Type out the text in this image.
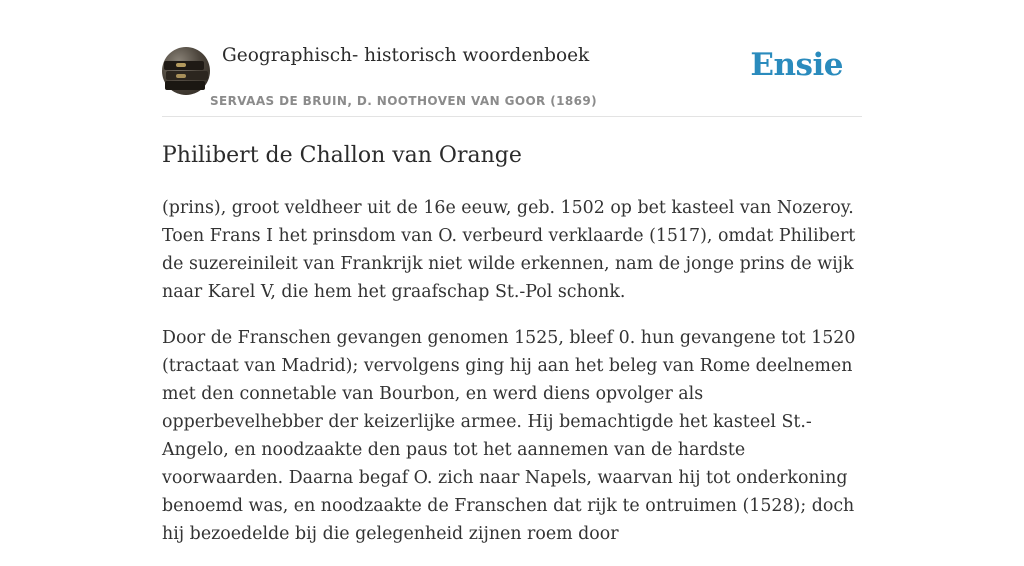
Geographisch- historisch woordenboek

SERVAAS DE BRUIN, D. NOOTHOVEN VAN GOOR (1869)

Ensie
Philibert de Challon van Orange

(prins), groot veldheer uit de 16e eeuw, geb. 1502 op bet kasteel van Nozeroy. Toen Frans I het prinsdom van O. verbeurd verklaarde (1517), omdat Philibert de suzereinileit van Frankrijk niet wilde erkennen, nam de jonge prins de wijk naar Karel V, die hem het graafschap St.-Pol schonk.

Door de Franschen gevangen genomen 1525, bleef 0. hun gevangene tot 1520 (tractaat van Madrid); vervolgens ging hij aan het beleg van Rome deelnemen met den connetable van Bourbon, en werd diens opvolger als opperbevelhebber der keizerlijke armee. Hij bemachtigde het kasteel St.-Angelo, en noodzaakte den paus tot het aannemen van de hardste voorwaarden. Daarna begaf O. zich naar Napels, waarvan hij tot onderkoning benoemd was, en noodzaakte de Franschen dat rijk te ontruimen (1528); doch hij bezoedelde bij die gelegenheid zijnen roem door
